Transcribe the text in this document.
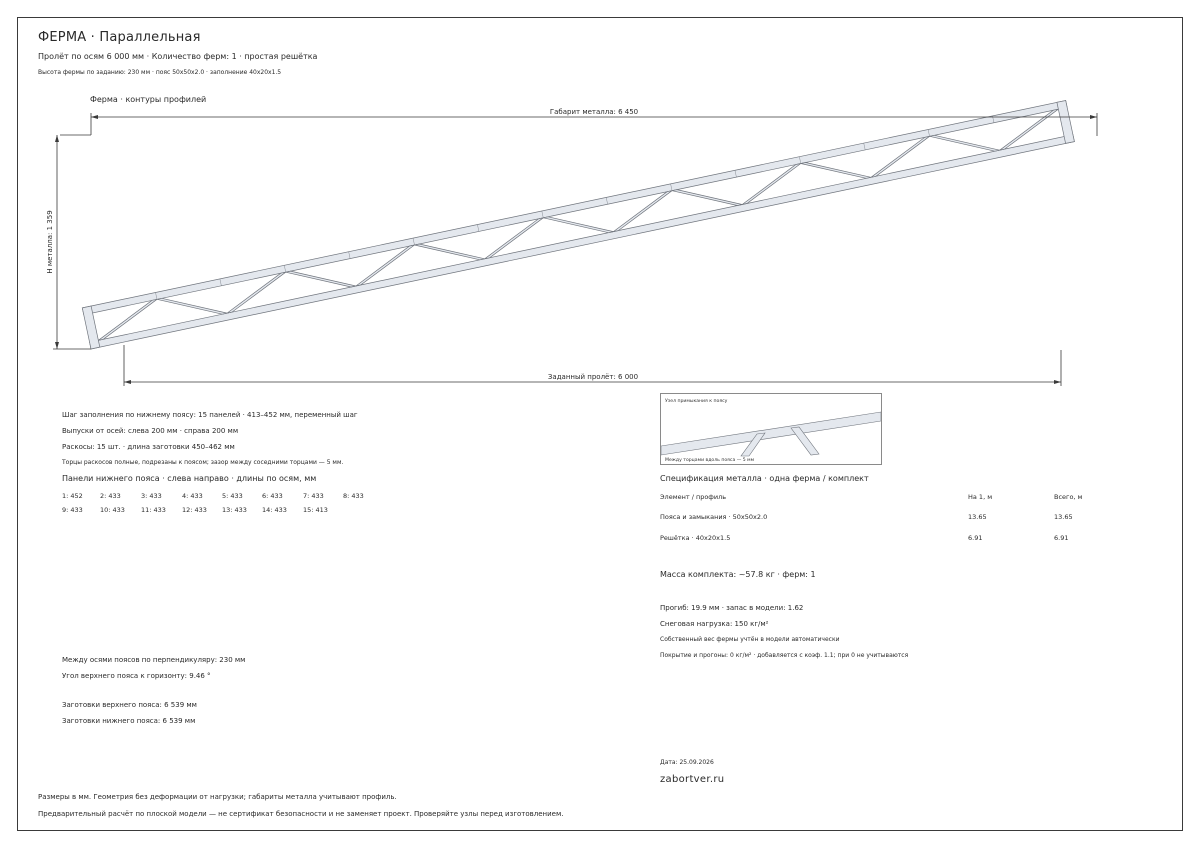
ФЕРМА · Параллельная
Пролёт по осям 6 000 мм · Количество ферм: 1 · простая решётка
Высота фермы по заданию: 230 мм · пояс 50x50x2.0 · заполнение 40x20x1.5
Ферма · контуры профилей
Габарит металла: 6 450
Н металла: 1 359
Заданный пролёт: 6 000
Шаг заполнения по нижнему поясу: 15 панелей · 413–452 мм, переменный шаг
Выпуски от осей: слева 200 мм · справа 200 мм
Раскосы: 15 шт. · длина заготовки 450–462 мм
Торцы раскосов полные, подрезаны к поясом; зазор между соседними торцами — 5 мм.
Панели нижнего пояса · слева направо · длины по осям, мм
1: 452	2: 433	3: 433	4: 433	5: 433	6: 433	7: 433	8: 433
9: 433	10: 433 11: 433 12: 433 13: 433 14: 433 15: 413
Узел примыкания к поясу
Между торцами вдоль пояса — 5 мм
Спецификация металла · одна ферма / комплект
Элемент / профиль	На 1, м	Всего, м
Пояса и замыкания · 50x50x2.0	13.65	13.65
Решётка · 40x20x1.5	6.91	6.91
Масса комплекта: ~57.8 кг · ферм: 1
Прогиб: 19.9 мм · запас в модели: 1.62
Снеговая нагрузка: 150 кг/м²
Собственный вес фермы учтён в модели автоматически
Покрытие и прогоны: 0 кг/м² · добавляется с коэф. 1.1; при 0 не учитываются
Между осями поясов по перпендикуляру: 230 мм
Угол верхнего пояса к горизонту: 9.46 °
Заготовки верхнего пояса: 6 539 мм
Заготовки нижнего пояса: 6 539 мм
Дата: 25.09.2026
zabortver.ru
Размеры в мм. Геометрия без деформации от нагрузки; габариты металла учитывают профиль.
Предварительный расчёт по плоской модели — не сертификат безопасности и не заменяет проект. Проверяйте узлы перед изготовлением.
